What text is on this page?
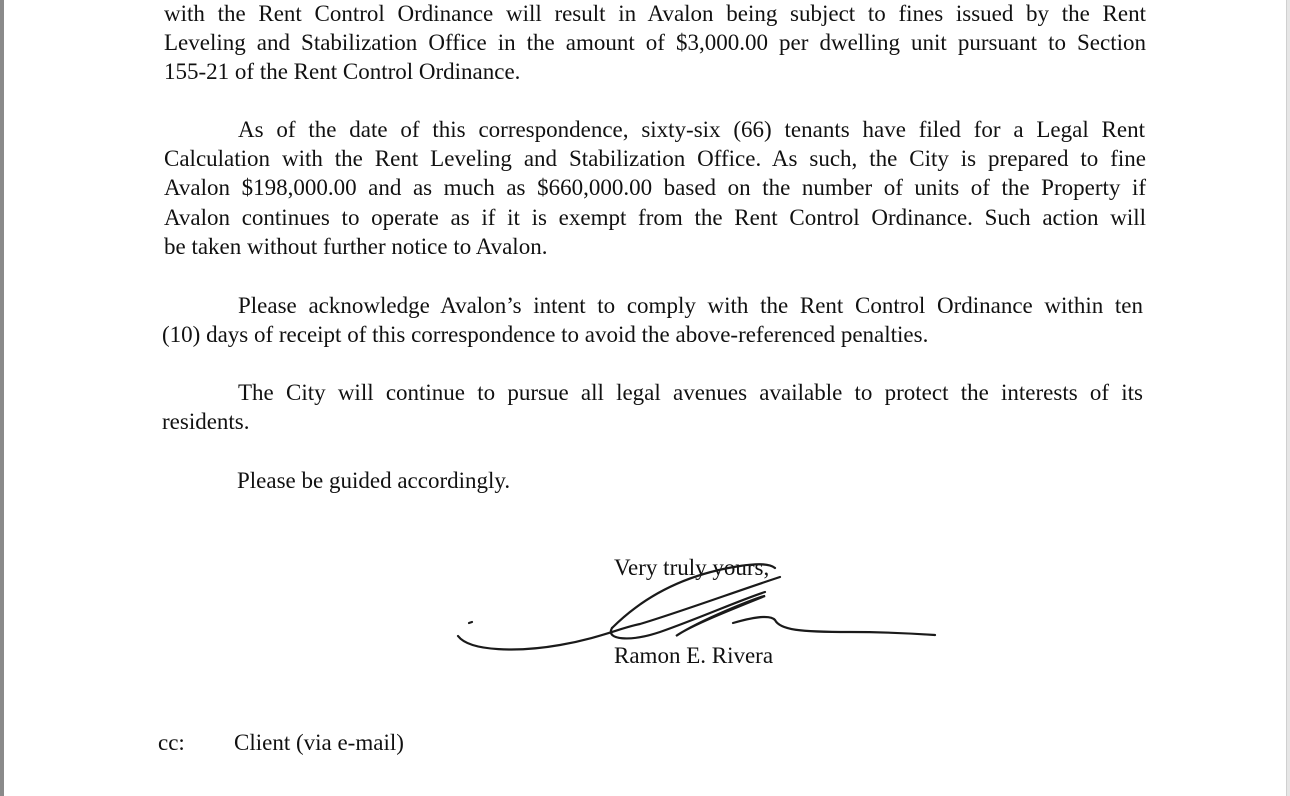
with the Rent Control Ordinance will result in Avalon being subject to fines issued by the Rent
Leveling and Stabilization Office in the amount of $3,000.00 per dwelling unit pursuant to Section
155-21 of the Rent Control Ordinance.
As of the date of this correspondence, sixty-six (66) tenants have filed for a Legal Rent
Calculation with the Rent Leveling and Stabilization Office. As such, the City is prepared to fine
Avalon $198,000.00 and as much as $660,000.00 based on the number of units of the Property if
Avalon continues to operate as if it is exempt from the Rent Control Ordinance. Such action will
be taken without further notice to Avalon.
Please acknowledge Avalon’s intent to comply with the Rent Control Ordinance within ten
(10) days of receipt of this correspondence to avoid the above-referenced penalties.
The City will continue to pursue all legal avenues available to protect the interests of its
residents.
Please be guided accordingly.
Very truly yours,
Ramon E. Rivera
cc: Client (via e-mail)
